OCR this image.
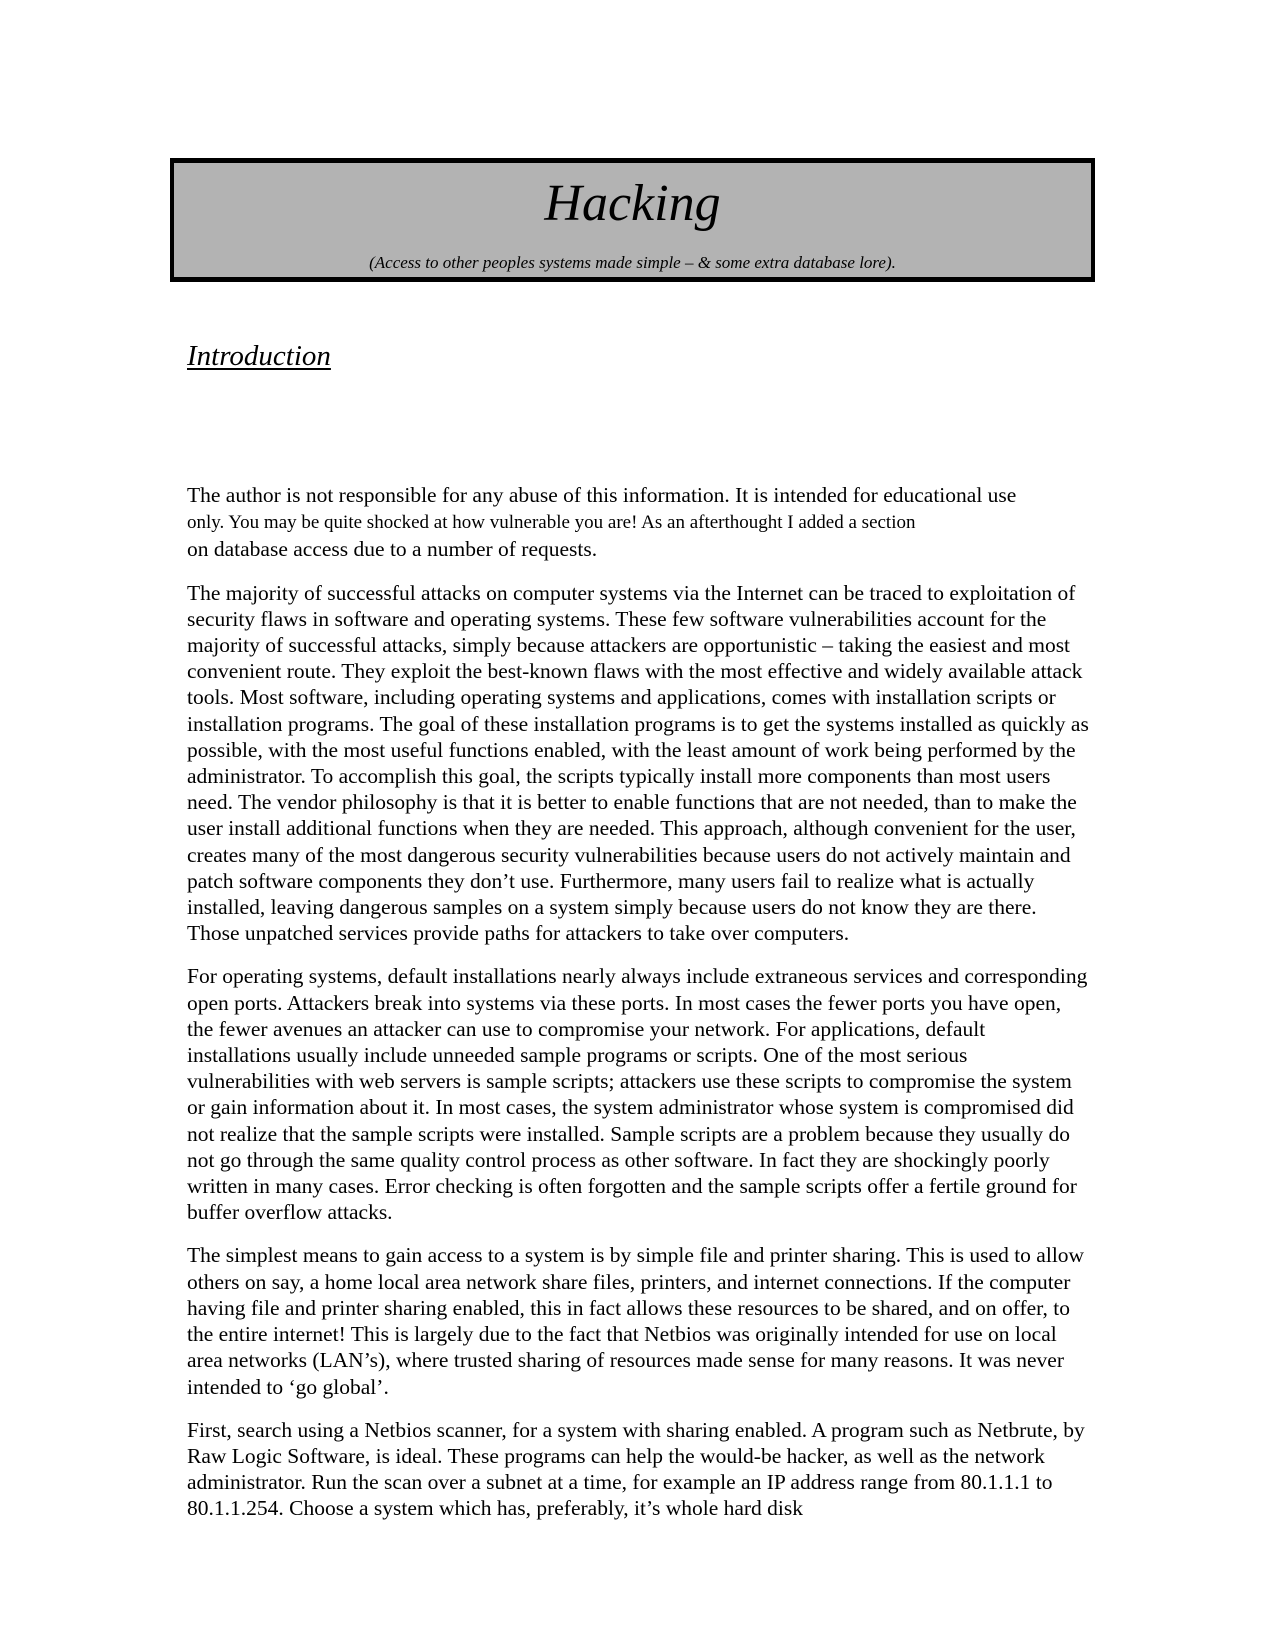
Hacking
(Access to other peoples systems made simple – & some extra database lore).
Introduction

The author is not responsible for any abuse of this information. It is intended for educational use
only. You may be quite shocked at how vulnerable you are! As an afterthought I added a section
on database access due to a number of requests.

The majority of successful attacks on computer systems via the Internet can be traced to exploitation of security flaws in software and operating systems. These few software vulnerabilities account for the majority of successful attacks, simply because attackers are opportunistic – taking the easiest and most convenient route. They exploit the best-known flaws with the most effective and widely available attack tools. Most software, including operating systems and applications, comes with installation scripts or installation programs. The goal of these installation programs is to get the systems installed as quickly as possible, with the most useful functions enabled, with the least amount of work being performed by the administrator. To accomplish this goal, the scripts typically install more components than most users need. The vendor philosophy is that it is better to enable functions that are not needed, than to make the user install additional functions when they are needed. This approach, although convenient for the user, creates many of the most dangerous security vulnerabilities because users do not actively maintain and patch software components they don’t use. Furthermore, many users fail to realize what is actually installed, leaving dangerous samples on a system simply because users do not know they are there. Those unpatched services provide paths for attackers to take over computers.

For operating systems, default installations nearly always include extraneous services and corresponding open ports. Attackers break into systems via these ports. In most cases the fewer ports you have open, the fewer avenues an attacker can use to compromise your network. For applications, default installations usually include unneeded sample programs or scripts. One of the most serious vulnerabilities with web servers is sample scripts; attackers use these scripts to compromise the system or gain information about it. In most cases, the system administrator whose system is compromised did not realize that the sample scripts were installed. Sample scripts are a problem because they usually do not go through the same quality control process as other software. In fact they are shockingly poorly written in many cases. Error checking is often forgotten and the sample scripts offer a fertile ground for buffer overflow attacks.

The simplest means to gain access to a system is by simple file and printer sharing. This is used to allow others on say, a home local area network share files, printers, and internet connections. If the computer having file and printer sharing enabled, this in fact allows these resources to be shared, and on offer, to the entire internet! This is largely due to the fact that Netbios was originally intended for use on local area networks (LAN’s), where trusted sharing of resources made sense for many reasons. It was never intended to ‘go global’.

First, search using a Netbios scanner, for a system with sharing enabled. A program such as Netbrute, by Raw Logic Software, is ideal. These programs can help the would-be hacker, as well as the network administrator. Run the scan over a subnet at a time, for example an IP address range from 80.1.1.1 to 80.1.1.254. Choose a system which has, preferably, it’s whole hard disk
